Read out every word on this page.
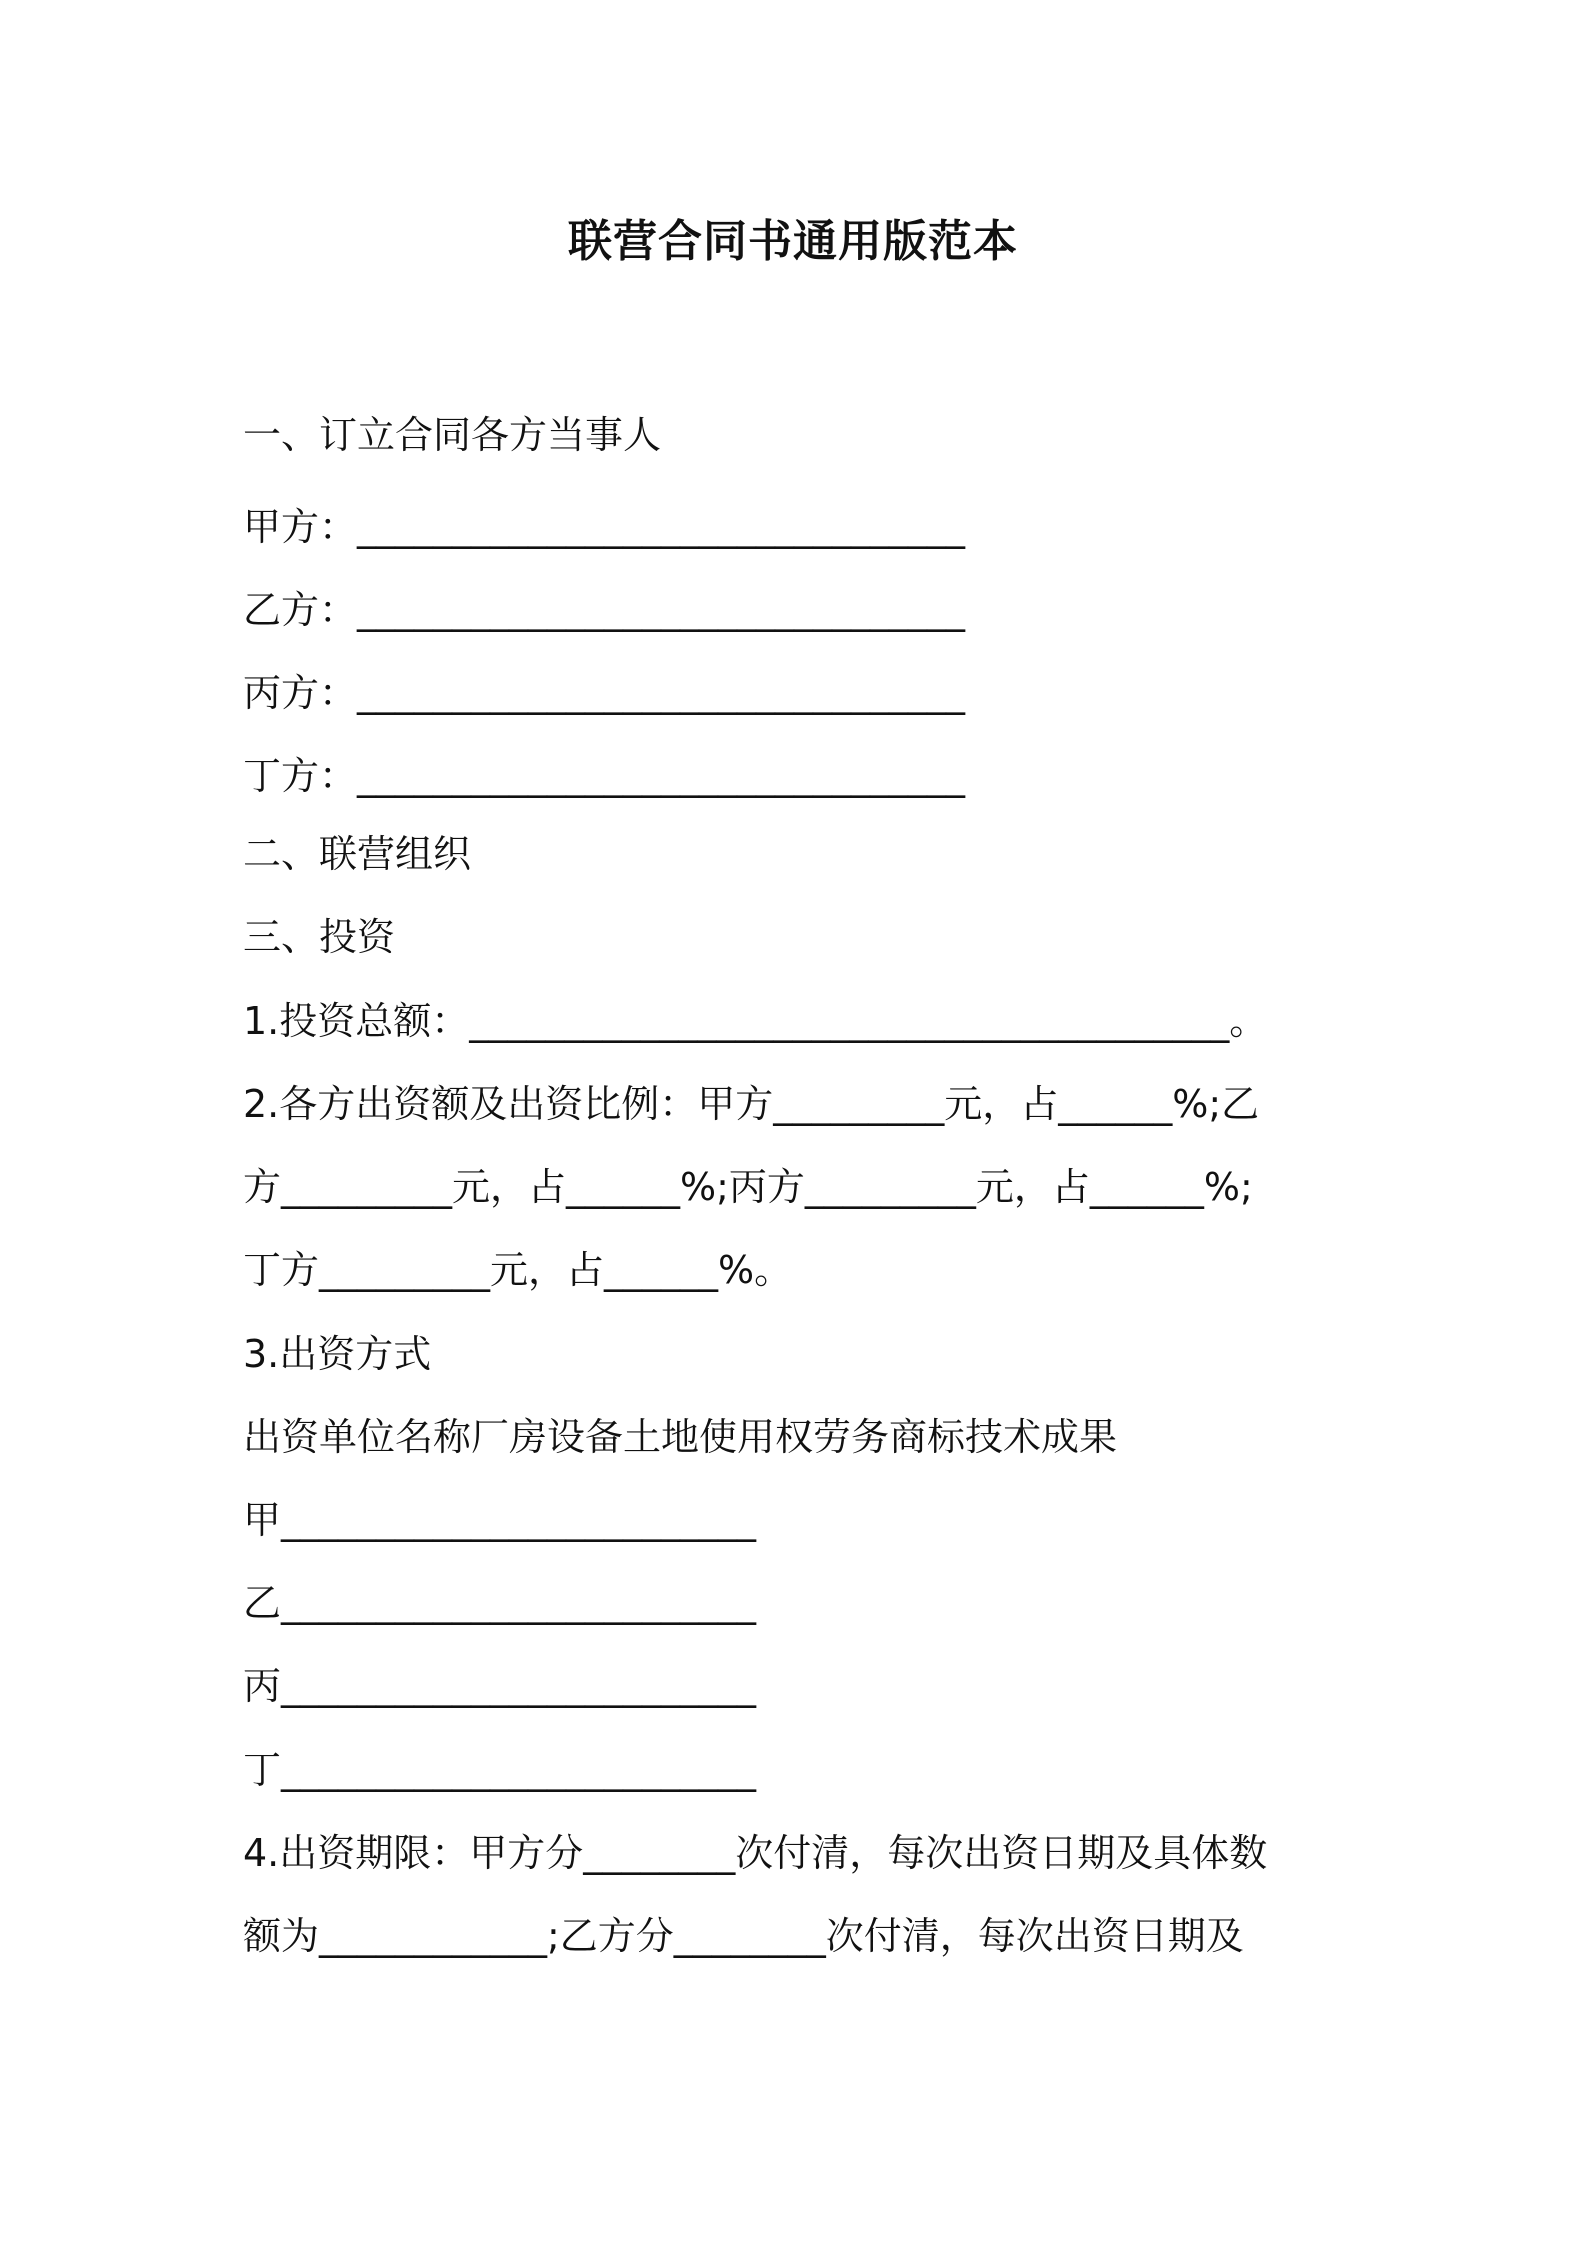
联营合同书通用版范本
一、订立合同各方当事人
甲方：________________________________
乙方：________________________________
丙方：________________________________
丁方：________________________________
二、联营组织
三、投资
1.投资总额：________________________________________。
2.各方出资额及出资比例：甲方_________元，占______%;乙
方_________元，占______%;丙方_________元，占______%;
丁方_________元，占______%。
3.出资方式
出资单位名称厂房设备土地使用权劳务商标技术成果
甲_________________________
乙_________________________
丙_________________________
丁_________________________
4.出资期限：甲方分________次付清，每次出资日期及具体数
额为____________;乙方分________次付清，每次出资日期及
